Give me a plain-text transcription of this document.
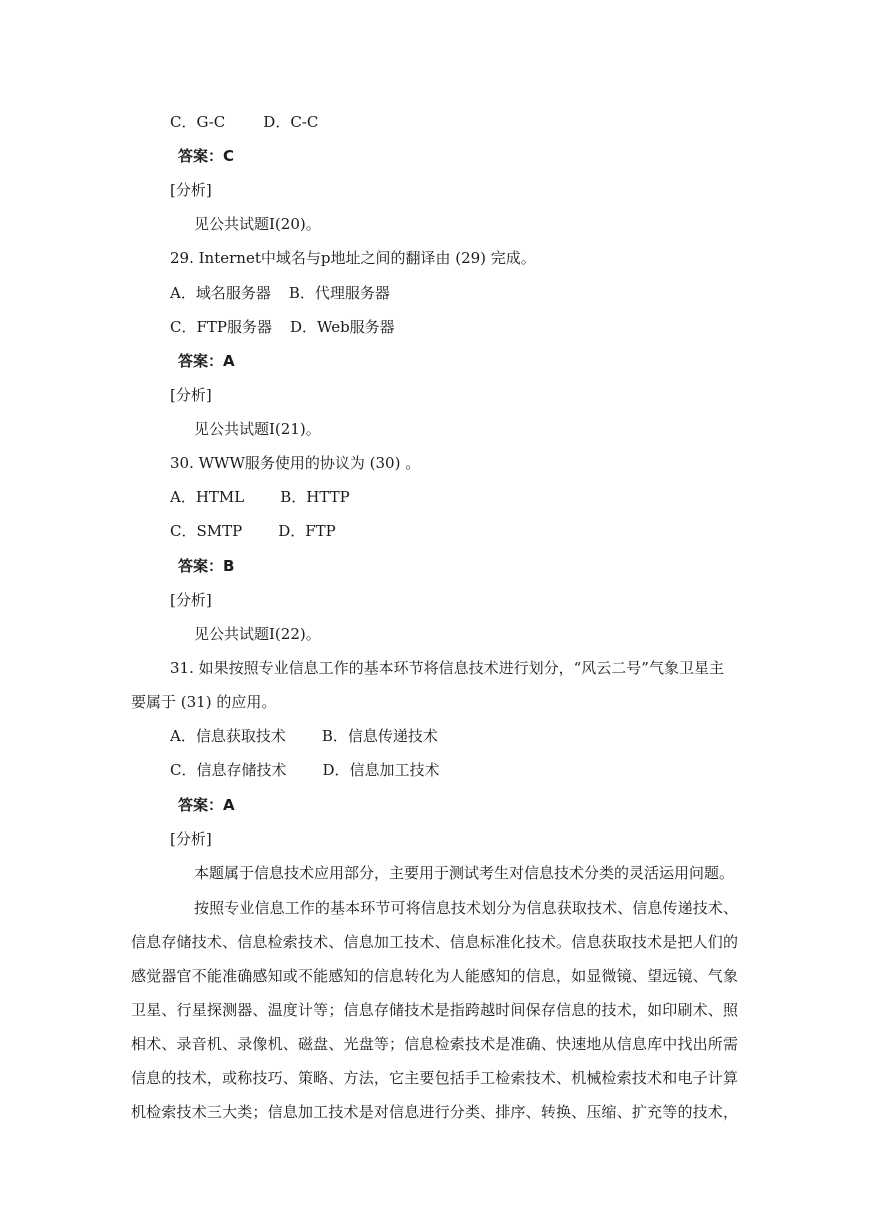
C．G-C	D．C-C
答案：C
[分析]
见公共试题Ⅰ(20)。
29. Internet中域名与p地址之间的翻译由 (29) 完成。
A．域名服务器 B．代理服务器
C．FTP服务器 D．Web服务器
答案：A
[分析]
见公共试题Ⅰ(21)。
30. WWW服务使用的协议为 (30) 。
A．HTML B．HTTP
C．SMTP D．FTP
答案：B
[分析]
见公共试题Ⅰ(22)。
31. 如果按照专业信息工作的基本环节将信息技术进行划分，“风云二号”气象卫星主
要属于 (31) 的应用。
A．信息获取技术 B．信息传递技术
C．信息存储技术 D．信息加工技术
答案：A
[分析]
本题属于信息技术应用部分，主要用于测试考生对信息技术分类的灵活运用问题。
按照专业信息工作的基本环节可将信息技术划分为信息获取技术、信息传递技术、
信息存储技术、信息检索技术、信息加工技术、信息标准化技术。信息获取技术是把人们的
感觉器官不能准确感知或不能感知的信息转化为人能感知的信息，如显微镜、望远镜、气象
卫星、行星探测器、温度计等；信息存储技术是指跨越时间保存信息的技术，如印刷术、照
相术、录音机、录像机、磁盘、光盘等；信息检索技术是准确、快速地从信息库中找出所需
信息的技术，或称技巧、策略、方法，它主要包括手工检索技术、机械检索技术和电子计算
机检索技术三大类；信息加工技术是对信息进行分类、排序、转换、压缩、扩充等的技术，
